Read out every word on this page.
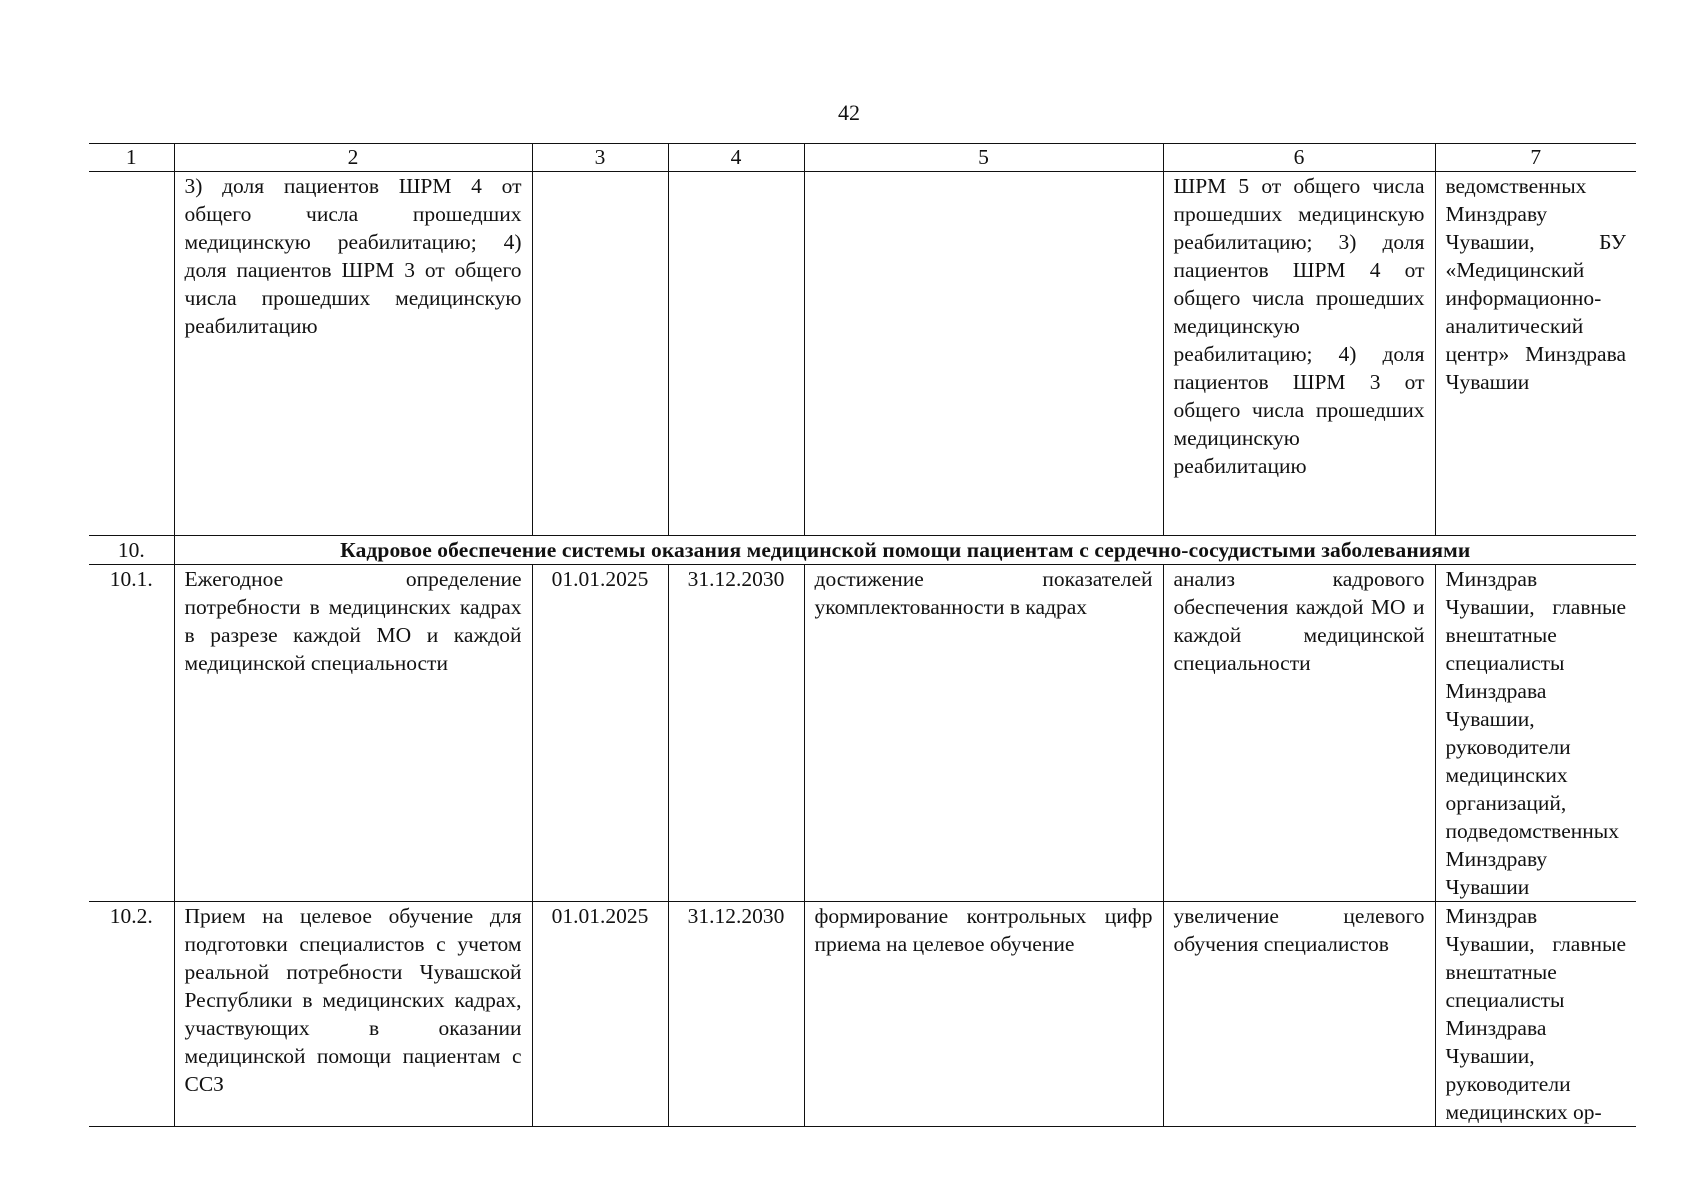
42
1	2	3	4	5	6	7
	3) доля пациентов ШРМ 4 от общего числа прошедших медицинскую реабилитацию; 4) доля пациентов ШРМ 3 от общего числа прошедших медицинскую реабилитацию				ШРМ 5 от общего числа прошедших медицинскую реабилитацию; 3) доля пациентов ШРМ 4 от общего числа прошедших медицинскую реабилитацию; 4) доля пациентов ШРМ 3 от общего числа прошедших медицинскую реабилитацию	ведомственных Минздраву Чувашии, БУ «Медицинский информационно-аналитический центр» Минздрава Чувашии
10.	Кадровое обеспечение системы оказания медицинской помощи пациентам с сердечно-сосудистыми заболеваниями					
10.1.	Ежегодное определение потребности в медицинских кадрах в разрезе каждой МО и каждой медицинской специальности	01.01.2025	31.12.2030	достижение показателей укомплектованности в кадрах	анализ кадрового обеспечения каждой МО и каждой медицинской специальности	Минздрав Чувашии, главные внештатные специалисты Минздрава Чувашии, руководители медицинских организаций, подведомственных Минздраву Чувашии
10.2.	Прием на целевое обучение для подготовки специалистов с учетом реальной потребности Чувашской Республики в медицинских кадрах, участвующих в оказании медицинской помощи пациентам с ССЗ	01.01.2025	31.12.2030	формирование контрольных цифр приема на целевое обучение	увеличение целевого обучения специалистов	Минздрав Чувашии, главные внештатные специалисты Минздрава Чувашии, руководители медицинских ор-
